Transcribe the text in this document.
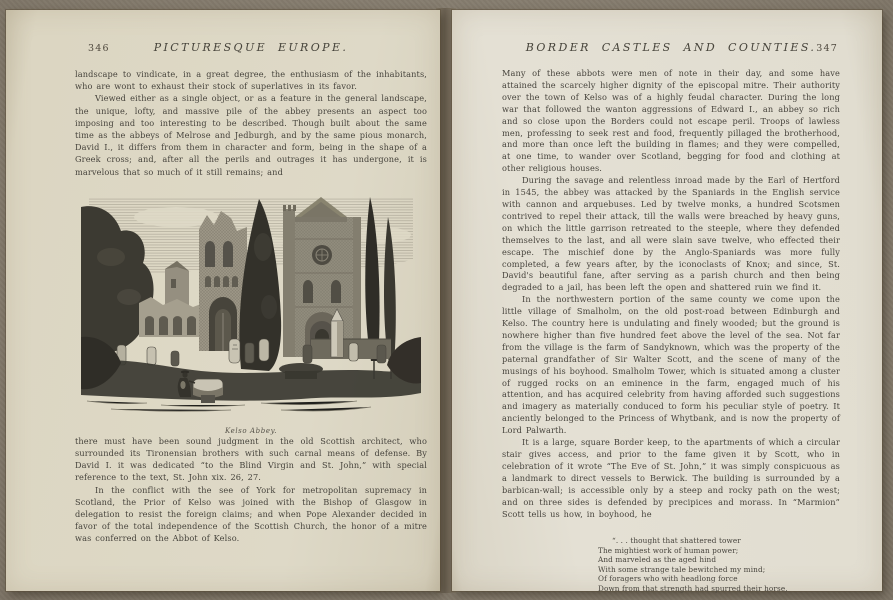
346	PICTURESQUE EUROPE.

landscape to vindicate, in a great degree, the enthusiasm of the inhabitants, who are wont to exhaust their stock of superlatives in its favor.

Viewed either as a single object, or as a feature in the general landscape, the unique, lofty, and massive pile of the abbey presents an aspect too imposing and too interesting to be described. Though built about the same time as the abbeys of Melrose and Jedburgh, and by the same pious monarch, David I., it differs from them in character and form, being in the shape of a Greek cross; and, after all the perils and outrages it has undergone, it is marvelous that so much of it still remains; and

Kelso Abbey.

there must have been sound judgment in the old Scottish architect, who surrounded its Tironensian brothers with such carnal means of defense. By David I. it was dedicated “to the Blind Virgin and St. John,” with special reference to the text, St. John xix. 26, 27.

In the conflict with the see of York for metropolitan supremacy in Scotland, the Prior of Kelso was joined with the Bishop of Glasgow in delegation to resist the foreign claims; and when Pope Alexander decided in favor of the total independence of the Scottish Church, the honor of a mitre was conferred on the Abbot of Kelso.

BORDER CASTLES AND COUNTIES. 347

Many of these abbots were men of note in their day, and some have attained the scarcely higher dignity of the episcopal mitre. Their authority over the town of Kelso was of a highly feudal character. During the long war that followed the wanton aggressions of Edward I., an abbey so rich and so close upon the Borders could not escape peril. Troops of lawless men, professing to seek rest and food, frequently pillaged the brotherhood, and more than once left the building in flames; and they were compelled, at one time, to wander over Scotland, begging for food and clothing at other religious houses.

During the savage and relentless inroad made by the Earl of Hertford in 1545, the abbey was attacked by the Spaniards in the English service with cannon and arquebuses. Led by twelve monks, a hundred Scotsmen contrived to repel their attack, till the walls were breached by heavy guns, on which the little garrison retreated to the steeple, where they defended themselves to the last, and all were slain save twelve, who effected their escape. The mischief done by the Anglo-Spaniards was more fully completed, a few years after, by the iconoclasts of Knox; and since, St. David's beautiful fane, after serving as a parish church and then being degraded to a jail, has been left the open and shattered ruin we find it.

In the northwestern portion of the same county we come upon the little village of Smalholm, on the old post-road between Edinburgh and Kelso. The country here is undulating and finely wooded; but the ground is nowhere higher than five hundred feet above the level of the sea. Not far from the village is the farm of Sandyknown, which was the property of the paternal grandfather of Sir Walter Scott, and the scene of many of the musings of his boyhood. Smalholm Tower, which is situated among a cluster of rugged rocks on an eminence in the farm, engaged much of his attention, and has acquired celebrity from having afforded such suggestions and imagery as materially conduced to form his peculiar style of poetry. It anciently belonged to the Princess of Whytbank, and is now the property of Lord Palwarth.

It is a large, square Border keep, to the apartments of which a circular stair gives access, and prior to the fame given it by Scott, who in celebration of it wrote “The Eve of St. John,” it was simply conspicuous as a landmark to direct vessels to Berwick. The building is surrounded by a barbican-wall; is accessible only by a steep and rocky path on the west; and on three sides is defended by precipices and morass. In “Marmion” Scott tells us how, in boyhood, he

“. . . thought that shattered tower
The mightiest work of human power;
And marveled as the aged hind
With some strange tale bewitched my mind;
Of foragers who with headlong force
Down from that strength had spurred their horse,
